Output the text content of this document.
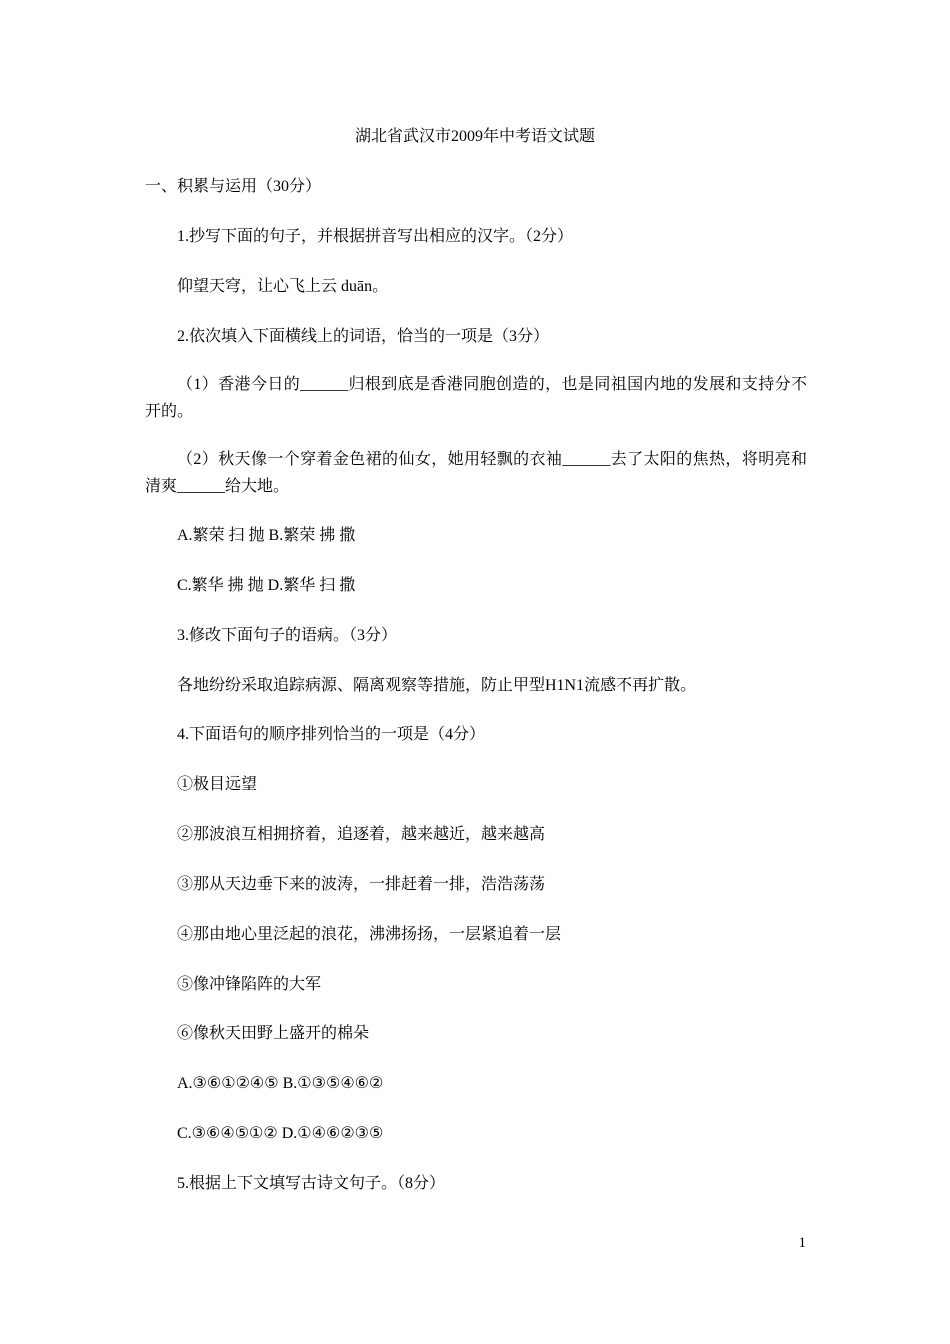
湖北省武汉市2009年中考语文试题
一、积累与运用（30分）
1.抄写下面的句子，并根据拼音写出相应的汉字。（2分）
仰望天穹，让心飞上云 duān。
2.依次填入下面横线上的词语，恰当的一项是（3分）
（1）香港今日的______归根到底是香港同胞创造的，也是同祖国内地的发展和支持分不开的。
（2）秋天像一个穿着金色裙的仙女，她用轻飘的衣袖______去了太阳的焦热，将明亮和清爽______给大地。
A.繁荣 扫 抛 B.繁荣 拂 撒
C.繁华 拂 抛 D.繁华 扫 撒
3.修改下面句子的语病。（3分）
各地纷纷采取追踪病源、隔离观察等措施，防止甲型H1N1流感不再扩散。
4.下面语句的顺序排列恰当的一项是（4分）
①极目远望
②那波浪互相拥挤着，追逐着，越来越近，越来越高
③那从天边垂下来的波涛，一排赶着一排，浩浩荡荡
④那由地心里泛起的浪花，沸沸扬扬，一层紧追着一层
⑤像冲锋陷阵的大军
⑥像秋天田野上盛开的棉朵
A.③⑥①②④⑤ B.①③⑤④⑥②
C.③⑥④⑤①② D.①④⑥②③⑤
5.根据上下文填写古诗文句子。（8分）
1
